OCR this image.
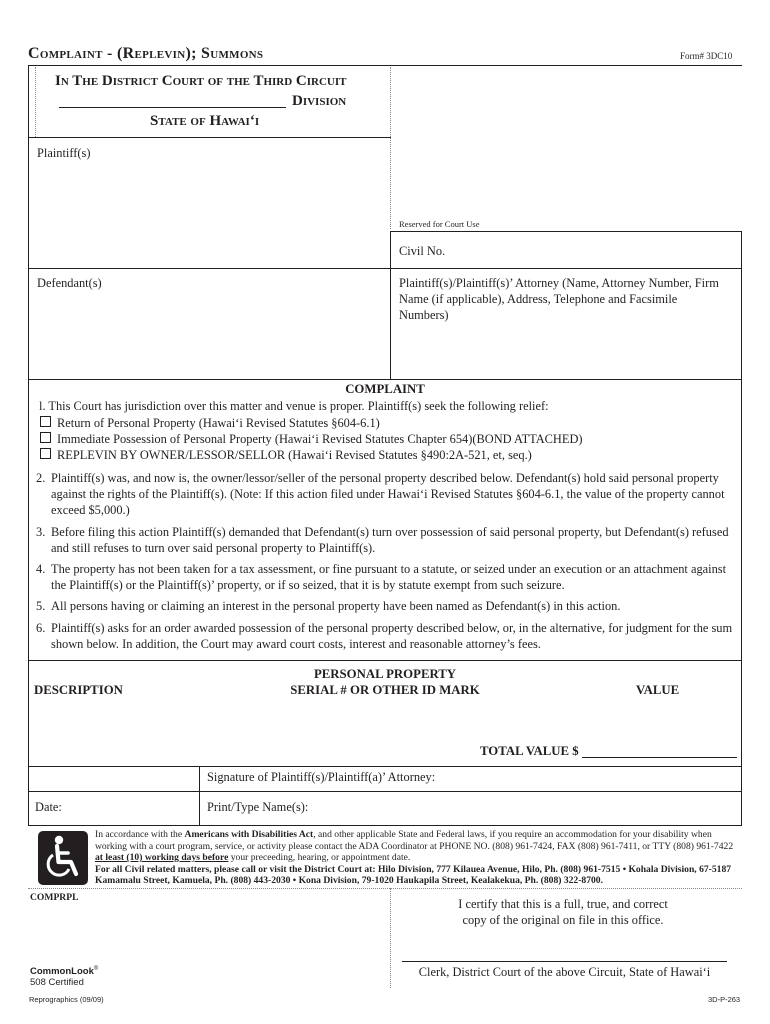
Complaint - (Replevin); Summons	Form# 3DC10
In The District Court of the Third Circuit
Division
State of Hawai‘i
Plaintiff(s)
Reserved for Court Use
Civil No.
Defendant(s)	Plaintiff(s)/Plaintiff(s)’ Attorney (Name, Attorney Number, Firm Name (if applicable), Address, Telephone and Facsimile Numbers)
COMPLAINT
l. This Court has jurisdiction over this matter and venue is proper. Plaintiff(s) seek the following relief:
Return of Personal Property (Hawai‘i Revised Statutes §604-6.1)
Immediate Possession of Personal Property (Hawai‘i Revised Statutes Chapter 654)(BOND ATTACHED)
REPLEVIN BY OWNER/LESSOR/SELLOR (Hawai‘i Revised Statutes §490:2A-521, et, seq.)
2. Plaintiff(s) was, and now is, the owner/lessor/seller of the personal property described below. Defendant(s) hold said personal property against the rights of the Plaintiff(s). (Note: If this action filed under Hawai‘i Revised Statutes §604-6.1, the value of the property cannot exceed $5,000.)
3. Before filing this action Plaintiff(s) demanded that Defendant(s) turn over possession of said personal property, but Defendant(s) refused and still refuses to turn over said personal property to Plaintiff(s).
4. The property has not been taken for a tax assessment, or fine pursuant to a statute, or seized under an execution or an attachment against the Plaintiff(s) or the Plaintiff(s)’ property, or if so seized, that it is by statute exempt from such seizure.
5. All persons having or claiming an interest in the personal property have been named as Defendant(s) in this action.
6. Plaintiff(s) asks for an order awarded possession of the personal property described below, or, in the alternative, for judgment for the sum shown below. In addition, the Court may award court costs, interest and reasonable attorney’s fees.
PERSONAL PROPERTY
DESCRIPTION	SERIAL # OR OTHER ID MARK	VALUE
TOTAL VALUE $
Signature of Plaintiff(s)/Plaintiff(a)’ Attorney:
Date:	Print/Type Name(s):
In accordance with the Americans with Disabilities Act, and other applicable State and Federal laws, if you require an accommodation for your disability when working with a court program, service, or activity please contact the ADA Coordinator at PHONE NO. (808) 961-7424, FAX (808) 961-7411, or TTY (808) 961-7422 at least (10) working days before your preceeding, hearing, or appointment date.
For all Civil related matters, please call or visit the District Court at: Hilo Division, 777 Kilauea Avenue, Hilo, Ph. (808) 961-7515 • Kohala Division, 67-5187 Kamamalu Street, Kamuela, Ph. (808) 443-2030 • Kona Division, 79-1020 Haukapila Street, Kealakekua, Ph. (808) 322-8700.
COMPRPL	I certify that this is a full, true, and correct copy of the original on file in this office.
Clerk, District Court of the above Circuit, State of Hawai‘i
CommonLook®
508 Certified
Reprographics (09/09)	3D-P-263
